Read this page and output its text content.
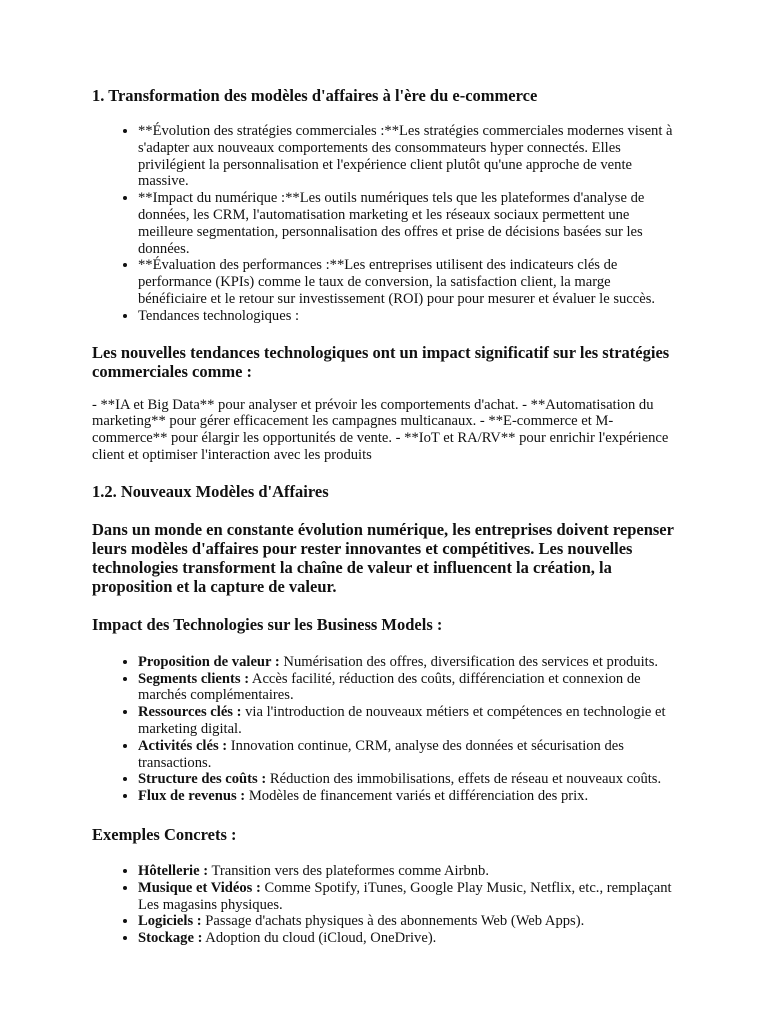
1. Transformation des modèles d'affaires à l'ère du e-commerce
• **Évolution des stratégies commerciales :**Les stratégies commerciales modernes visent à s'adapter aux nouveaux comportements des consommateurs hyper connectés. Elles privilégient la personnalisation et l'expérience client plutôt qu'une approche de vente massive.
• **Impact du numérique :**Les outils numériques tels que les plateformes d'analyse de données, les CRM, l'automatisation marketing et les réseaux sociaux permettent une meilleure segmentation, personnalisation des offres et prise de décisions basées sur les données.
• **Évaluation des performances :**Les entreprises utilisent des indicateurs clés de performance (KPIs) comme le taux de conversion, la satisfaction client, la marge bénéficiaire et le retour sur investissement (ROI) pour pour mesurer et évaluer le succès.
• Tendances technologiques :
Les nouvelles tendances technologiques ont un impact significatif sur les stratégies commerciales comme :

- **IA et Big Data** pour analyser et prévoir les comportements d'achat. - **Automatisation du marketing** pour gérer efficacement les campagnes multicanaux. - **E-commerce et M-commerce** pour élargir les opportunités de vente. - **IoT et RA/RV** pour enrichir l'expérience client et optimiser l'interaction avec les produits

1.2. Nouveaux Modèles d'Affaires
Dans un monde en constante évolution numérique, les entreprises doivent repenser leurs modèles d'affaires pour rester innovantes et compétitives. Les nouvelles technologies transforment la chaîne de valeur et influencent la création, la proposition et la capture de valeur.
Impact des Technologies sur les Business Models :
• Proposition de valeur : Numérisation des offres, diversification des services et produits.
• Segments clients : Accès facilité, réduction des coûts, différenciation et connexion de marchés complémentaires.
• Ressources clés : via l'introduction de nouveaux métiers et compétences en technologie et marketing digital.
• Activités clés : Innovation continue, CRM, analyse des données et sécurisation des transactions.
• Structure des coûts : Réduction des immobilisations, effets de réseau et nouveaux coûts.
• Flux de revenus : Modèles de financement variés et différenciation des prix.
Exemples Concrets :
• Hôtellerie : Transition vers des plateformes comme Airbnb.
• Musique et Vidéos : Comme Spotify, iTunes, Google Play Music, Netflix, etc., remplaçant Les magasins physiques.
• Logiciels : Passage d'achats physiques à des abonnements Web (Web Apps).
• Stockage : Adoption du cloud (iCloud, OneDrive).
